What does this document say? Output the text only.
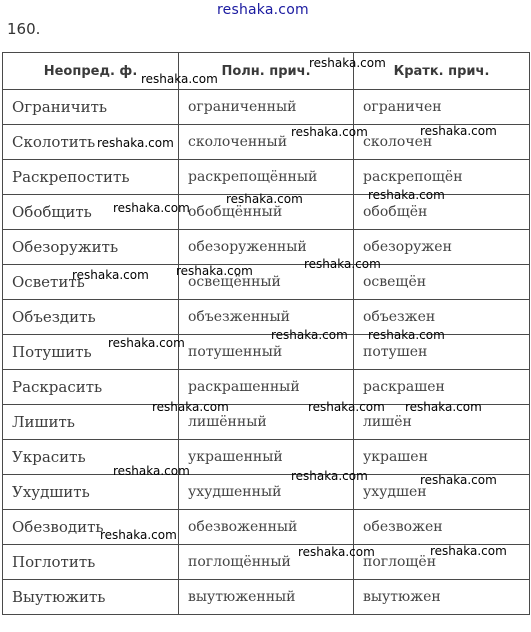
reshaka.com
160.
Неопред. ф.	Полн. прич.	Кратк. прич.
Ограничить	ограниченный	ограничен
Сколотить	сколоченный	сколочен
Раскрепостить	раскрепощённый	раскрепощён
Обобщить	обобщённый	обобщён
Обезоружить	обезоруженный	обезоружен
Осветить	освещённый	освещён
Объездить	объезженный	объезжен
Потушить	потушенный	потушен
Раскрасить	раскрашенный	раскрашен
Лишить	лишённый	лишён
Украсить	украшенный	украшен
Ухудшить	ухудшенный	ухудшен
Обезводить	обезвоженный	обезвожен
Поглотить	поглощённый	поглощён
Выутюжить	выутюженный	выутюжен
reshaka.com
reshaka.com
reshaka.com
reshaka.com	reshaka.com
reshaka.com
reshaka.com	reshaka.com
reshaka.com	reshaka.com
reshaka.com
reshaka.com reshaka.com
reshaka.com
reshaka.com	reshaka.com reshaka.com
reshaka.com	reshaka.com	reshaka.com
reshaka.com
reshaka.com	reshaka.com
